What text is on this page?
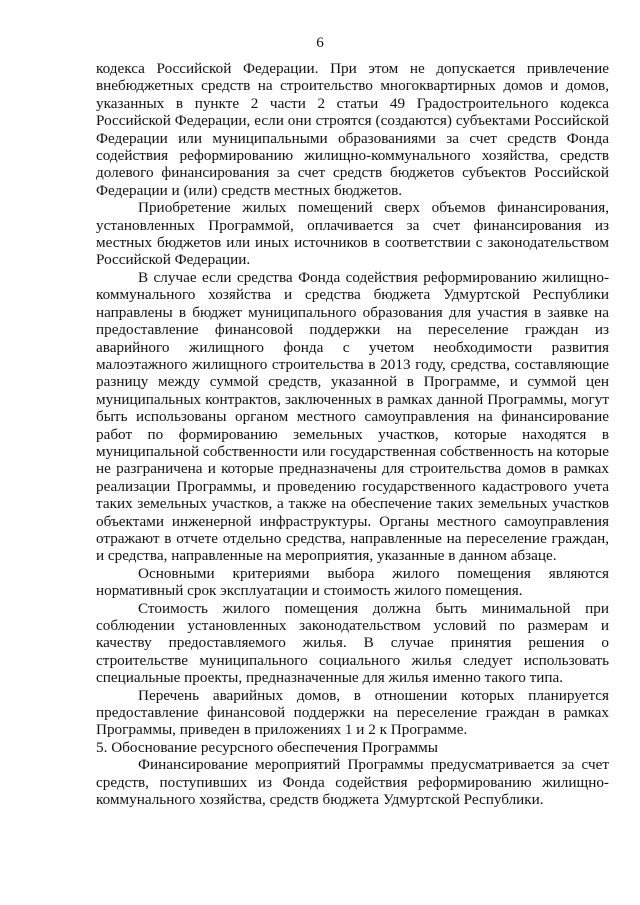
6

кодекса Российской Федерации. При этом не допускается привлечение внебюджетных средств на строительство многоквартирных домов и домов, указанных в пункте 2 части 2 статьи 49 Градостроительного кодекса Российской Федерации, если они строятся (создаются) субъектами Российской Федерации или муниципальными образованиями за счет средств Фонда содействия реформированию жилищно-коммунального хозяйства, средств долевого финансирования за счет средств бюджетов субъектов Российской Федерации и (или) средств местных бюджетов.

Приобретение жилых помещений сверх объемов финансирования, установленных Программой, оплачивается за счет финансирования из местных бюджетов или иных источников в соответствии с законодательством Российской Федерации.

В случае если средства Фонда содействия реформированию жилищно-коммунального хозяйства и средства бюджета Удмуртской Республики направлены в бюджет муниципального образования для участия в заявке на предоставление финансовой поддержки на переселение граждан из аварийного жилищного фонда с учетом необходимости развития малоэтажного жилищного строительства в 2013 году, средства, составляющие разницу между суммой средств, указанной в Программе, и суммой цен муниципальных контрактов, заключенных в рамках данной Программы, могут быть использованы органом местного самоуправления на финансирование работ по формированию земельных участков, которые находятся в муниципальной собственности или государственная собственность на которые не разграничена и которые предназначены для строительства домов в рамках реализации Программы, и проведению государственного кадастрового учета таких земельных участков, а также на обеспечение таких земельных участков объектами инженерной инфраструктуры. Органы местного самоуправления отражают в отчете отдельно средства, направленные на переселение граждан, и средства, направленные на мероприятия, указанные в данном абзаце.

Основными критериями выбора жилого помещения являются нормативный срок эксплуатации и стоимость жилого помещения.

Стоимость жилого помещения должна быть минимальной при соблюдении установленных законодательством условий по размерам и качеству предоставляемого жилья. В случае принятия решения о строительстве муниципального социального жилья следует использовать специальные проекты, предназначенные для жилья именно такого типа.

Перечень аварийных домов, в отношении которых планируется предоставление финансовой поддержки на переселение граждан в рамках Программы, приведен в приложениях 1 и 2 к Программе.

5. Обоснование ресурсного обеспечения Программы

Финансирование мероприятий Программы предусматривается за счет средств, поступивших из Фонда содействия реформированию жилищно-коммунального хозяйства, средств бюджета Удмуртской Республики.
